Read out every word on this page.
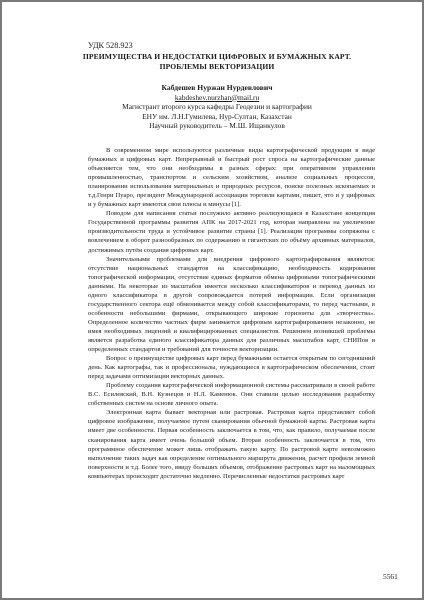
УДК 528.923

ПРЕИМУЩЕСТВА И НЕДОСТАТКИ ЦИФРОВЫХ И БУМАЖНЫХ КАРТ.
ПРОБЛЕМЫ ВЕКТОРИЗАЦИИ
Кабдешев Нуржан Нурдевлович
kabdeshev.nurzhan@mail.ru
Магистрант второго курса кафедры Геодезии и картографии
ЕНУ им. Л.Н.Гумилева, Нур-Султан, Казахстан
Научный руководитель – М.Ш. Ищанкулов

В современном мире используются различные виды картографической продукции в виде бумажных и цифровых карт. Непрерывный и быстрый рост спроса на картографические данные объясняется тем, что они необходимы в разных сферах: при оперативном управлении промышленностью, транспортом и сельским хозяйством, анализе социальных процессов, планировании использования материальных и природных ресурсов, поиске полезных ископаемых и т.д.Генри Пуаро, президент Международной ассоциации торговли картами, пишет, что и у цифровых и у бумажных карт имеются свои плюсы и минусы [1].

Поводом для написания статьи послужило активно реализующаяся в Казахстане концепция Государственной программы развития АПК на 2017-2021 год, которая направлена на увеличение производительности труда и устойчивое развитие страны [1]. Реализация программы сопряжена с вовлечением в оборот разнообразных по содержанию и гигантских по объёму архивных материалов, достижимых путём создания цифровых карт.

Значительными проблемами для внедрения цифрового картографирования являются: отсутствие национальных стандартов на классификацию, необходимость кодирования топографической информации, отсутствие единых форматов обмена цифровыми топографическими данными. На некоторые из масштабов имеется несколько классификаторов и перевод данных из одного классификатора в другой сопровождается потерей информации. Если организация государственного сектора ещё обменивается между собой классификаторами, то перед частными, в особенности небольшими фирмами, открывающего широкие горизонты для «творчества». Определенное количество частных фирм занимается цифровым картографированием незаконно, не имея необходимых лицензий и квалифицированных специалистов. Решением возникшей проблемы является разработка единого классификатора данных для различных масштабов карт, СНИПов и определенных стандартов и требований для точности векторизации.

Вопрос о преимуществе цифровых карт перед бумажными остается открытым по сегодняшний день. Как картографы, так и профессионалы, нуждающиеся в картографическом обеспечении, стоят перед задачами оптимизации векторных данных.

Проблему создания картографической информационной системы рассматривали в своей работе В.С. Есилевский, В.Н. Кузнецов и Н.Л. Каменюк. Они ставили целью исследования разработку собственных систем на основе личного опыта.

Электронная карта бывает векторная или растровая. Растровая карта представляет собой цифровое изображение, получаемое путем сканирования обычной бумажной карты. Растровая карта имеет две особенности. Первая особенность заключается в том, что, как правило, получаемая после сканирования карта имеет очень большой объем. Вторая особенность заключается в том, что программное обеспечение может лишь отображать такую карту. По растровой карте невозможно выполнение таких задач как определение оптимального маршрута движения, расчет профиля земной поверхности и т.д. Более того, ввиду больших объемов, отображение растровых карт на маломощных компьютерах происходит достаточно медленно. Перечисленные недостатки растровых карт

5561
